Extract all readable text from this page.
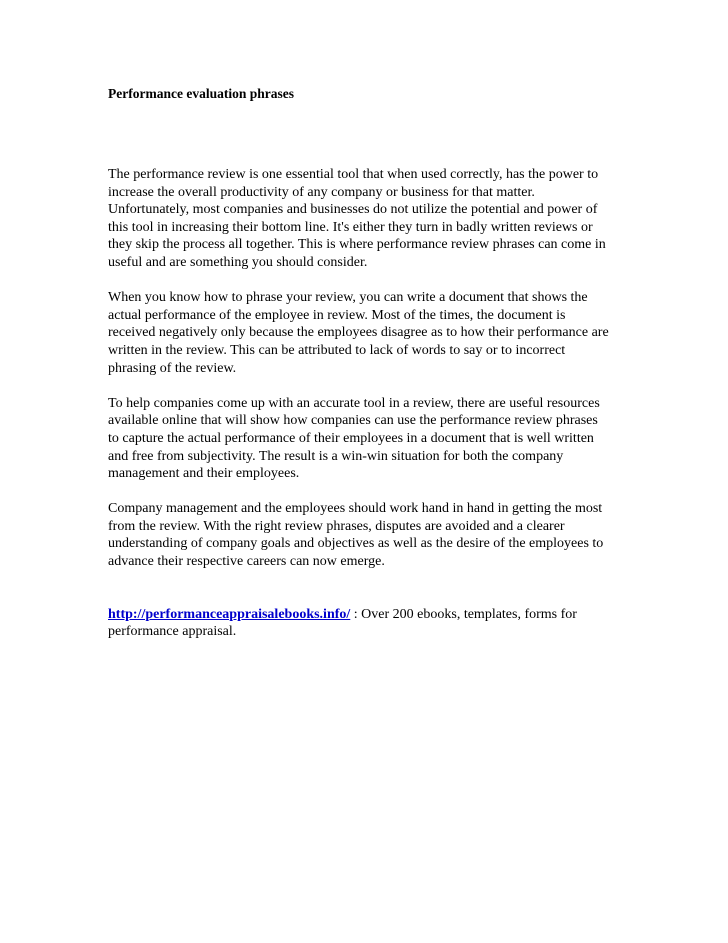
Performance evaluation phrases

The performance review is one essential tool that when used correctly, has the power to
increase the overall productivity of any company or business for that matter.
Unfortunately, most companies and businesses do not utilize the potential and power of
this tool in increasing their bottom line. It's either they turn in badly written reviews or
they skip the process all together. This is where performance review phrases can come in
useful and are something you should consider.

When you know how to phrase your review, you can write a document that shows the
actual performance of the employee in review. Most of the times, the document is
received negatively only because the employees disagree as to how their performance are
written in the review. This can be attributed to lack of words to say or to incorrect
phrasing of the review.

To help companies come up with an accurate tool in a review, there are useful resources
available online that will show how companies can use the performance review phrases
to capture the actual performance of their employees in a document that is well written
and free from subjectivity. The result is a win-win situation for both the company
management and their employees.

Company management and the employees should work hand in hand in getting the most
from the review. With the right review phrases, disputes are avoided and a clearer
understanding of company goals and objectives as well as the desire of the employees to
advance their respective careers can now emerge.

http://performanceappraisalebooks.info/ : Over 200 ebooks, templates, forms for
performance appraisal.
